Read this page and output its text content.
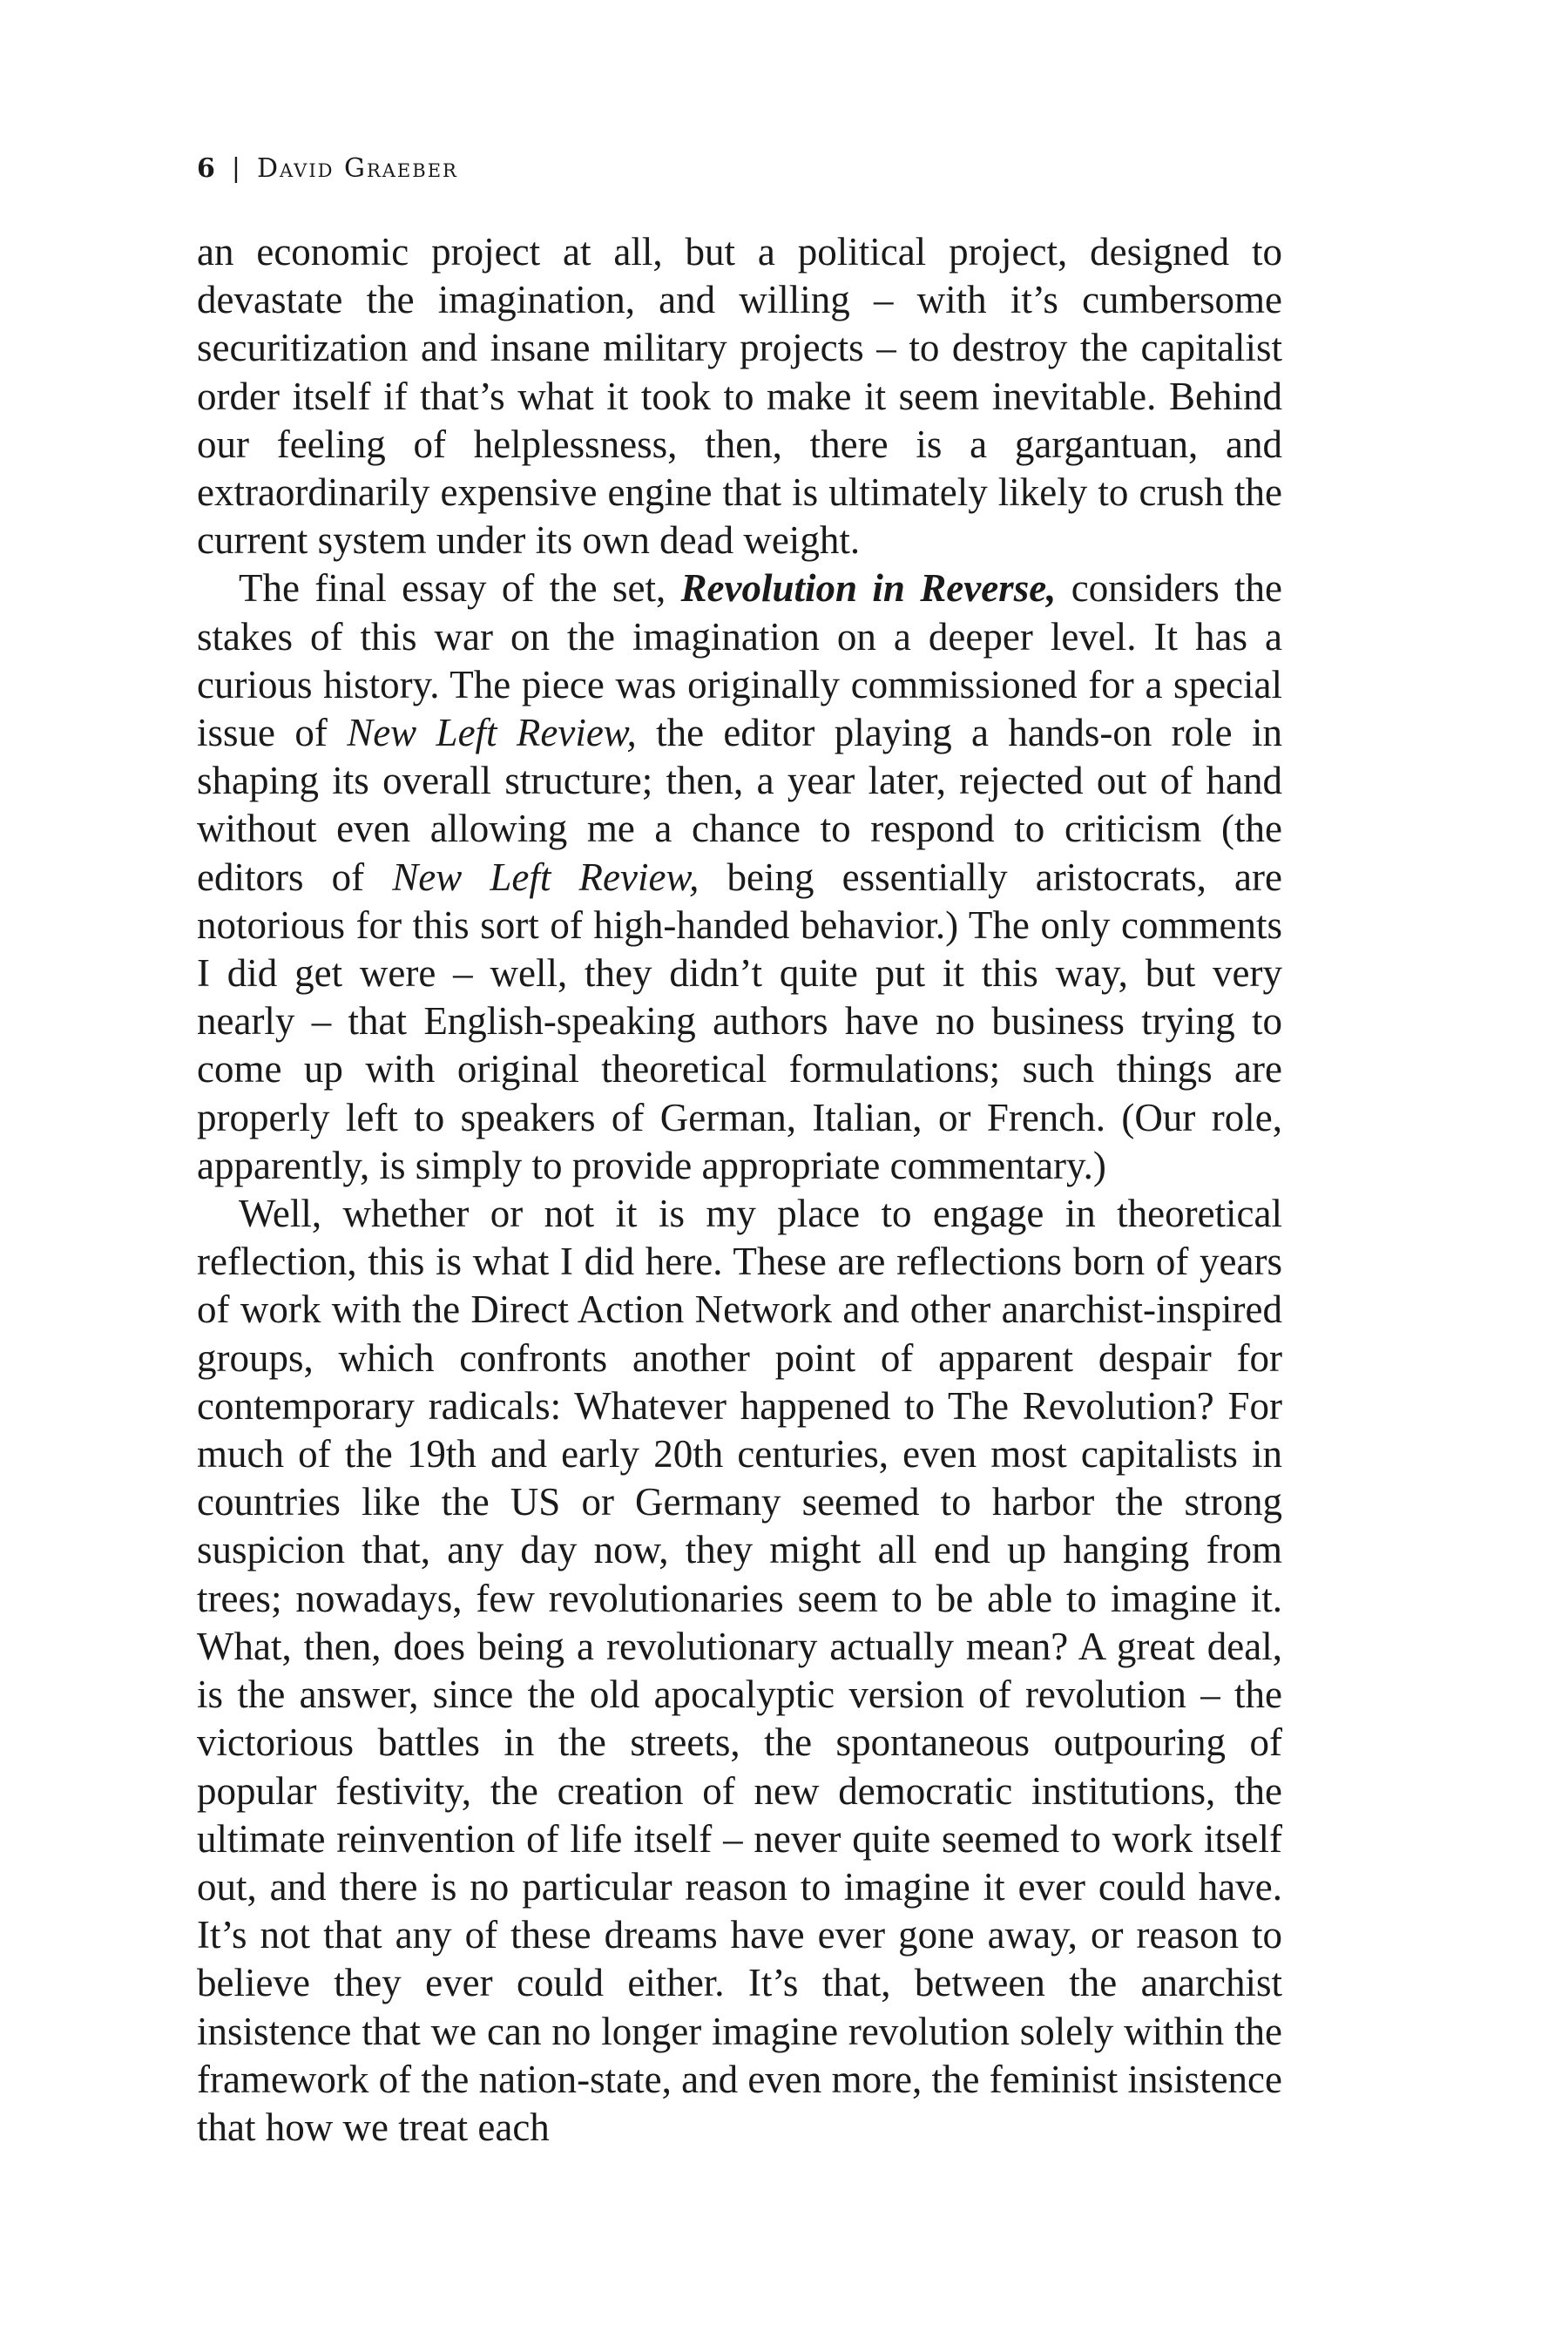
6 | David Graeber

an economic project at all, but a political project, designed to devastate the imagination, and willing – with it’s cumbersome securitization and insane military projects – to destroy the capitalist order itself if that’s what it took to make it seem inevitable. Behind our feeling of helplessness, then, there is a gargantuan, and extraordinarily expensive engine that is ultimately likely to crush the current system under its own dead weight.

The final essay of the set, Revolution in Reverse, considers the stakes of this war on the imagination on a deeper level. It has a curious history. The piece was originally commissioned for a special issue of New Left Review, the editor playing a hands-on role in shaping its overall structure; then, a year later, rejected out of hand without even allowing me a chance to respond to criticism (the editors of New Left Review, being essentially aristocrats, are notorious for this sort of high-handed behavior.) The only comments I did get were – well, they didn’t quite put it this way, but very nearly – that English-speaking authors have no business trying to come up with original theoretical formulations; such things are properly left to speakers of German, Italian, or French. (Our role, apparently, is simply to provide appropriate commentary.)

Well, whether or not it is my place to engage in theoretical reflection, this is what I did here. These are reflections born of years of work with the Direct Action Network and other anarchist-inspired groups, which confronts another point of apparent despair for contemporary radicals: Whatever happened to The Revolution? For much of the 19th and early 20th centuries, even most capitalists in countries like the US or Germany seemed to harbor the strong suspicion that, any day now, they might all end up hanging from trees; nowadays, few revolutionaries seem to be able to imagine it. What, then, does being a revolutionary actually mean? A great deal, is the answer, since the old apocalyptic version of revolution – the victorious battles in the streets, the spontaneous outpouring of popular festivity, the creation of new democratic institutions, the ultimate reinvention of life itself – never quite seemed to work itself out, and there is no particular reason to imagine it ever could have. It’s not that any of these dreams have ever gone away, or reason to believe they ever could either. It’s that, between the anarchist insistence that we can no longer imagine revolution solely within the framework of the nation-state, and even more, the feminist insistence that how we treat each
